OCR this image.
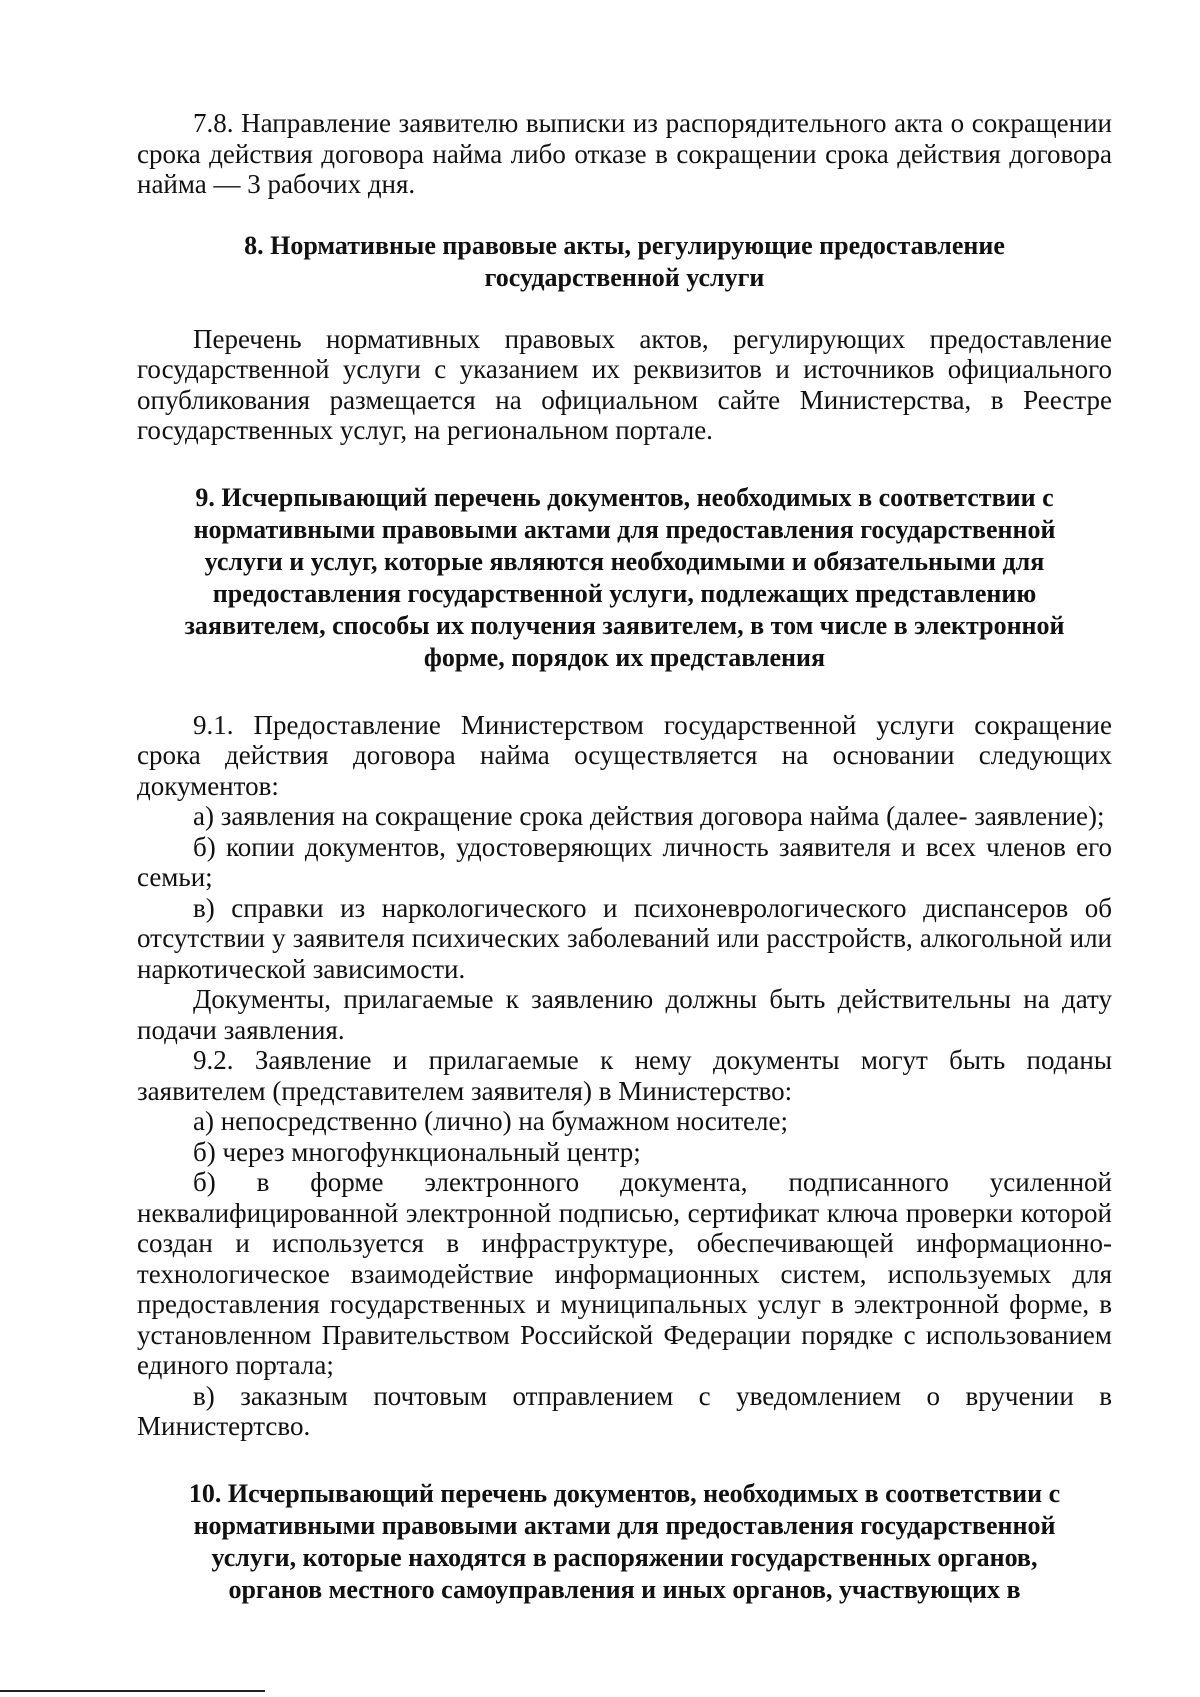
7.8. Направление заявителю выписки из распорядительного акта о сокращении срока действия договора найма либо отказе в сокращении срока действия договора найма — 3 рабочих дня.

8. Нормативные правовые акты, регулирующие предоставление
государственной услуги

Перечень нормативных правовых актов, регулирующих предоставление государственной услуги с указанием их реквизитов и источников официального опубликования размещается на официальном сайте Министерства, в Реестре государственных услуг, на региональном портале.

9. Исчерпывающий перечень документов, необходимых в соответствии с
нормативными правовыми актами для предоставления государственной
услуги и услуг, которые являются необходимыми и обязательными для
предоставления государственной услуги, подлежащих представлению
заявителем, способы их получения заявителем, в том числе в электронной
форме, порядок их представления

9.1. Предоставление Министерством государственной услуги сокращение срока действия договора найма осуществляется на основании следующих документов:

а) заявления на сокращение срока действия договора найма (далее- заявление);

б) копии документов, удостоверяющих личность заявителя и всех членов его семьи;

в) справки из наркологического и психоневрологического диспансеров об отсутствии у заявителя психических заболеваний или расстройств, алкогольной или наркотической зависимости.

Документы, прилагаемые к заявлению должны быть действительны на дату подачи заявления.

9.2. Заявление и прилагаемые к нему документы могут быть поданы заявителем (представителем заявителя) в Министерство:

а) непосредственно (лично) на бумажном носителе;

б) через многофункциональный центр;

б) в форме электронного документа, подписанного усиленной неквалифицированной электронной подписью, сертификат ключа проверки которой создан и используется в инфраструктуре, обеспечивающей информационно-технологическое взаимодействие информационных систем, используемых для предоставления государственных и муниципальных услуг в электронной форме, в установленном Правительством Российской Федерации порядке с использованием единого портала;

в) заказным почтовым отправлением с уведомлением о вручении в Министертсво.

10. Исчерпывающий перечень документов, необходимых в соответствии с
нормативными правовыми актами для предоставления государственной
услуги, которые находятся в распоряжении государственных органов,
органов местного самоуправления и иных органов, участвующих в
